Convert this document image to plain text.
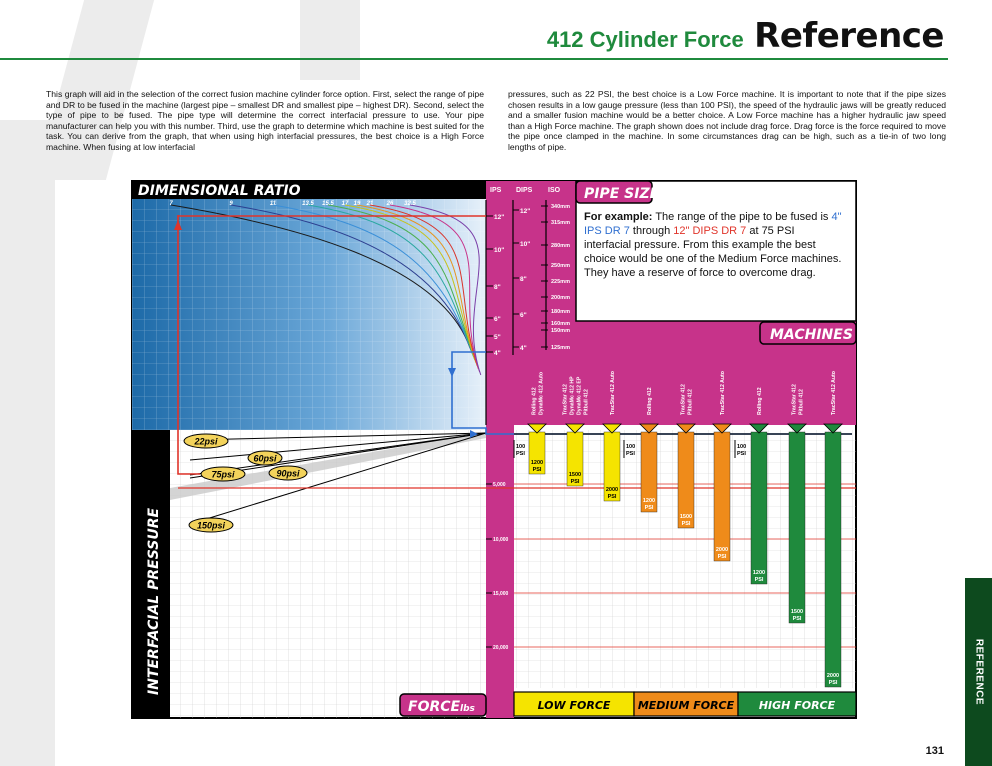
412 Cylinder Force Reference
This graph will aid in the selection of the correct fusion machine cylinder force option. First, select the range of pipe and DR to be fused in the machine (largest pipe – smallest DR and smallest pipe – highest DR). Second, select the type of pipe to be fused. The pipe type will determine the correct interfacial pressure to use. Your pipe manufacturer can help you with this number. Third, use the graph to determine which machine is best suited for the task. You can derive from the graph, that when using high interfacial pressures, the best choice is a High Force machine. When fusing at low interfacial
pressures, such as 22 PSI, the best choice is a Low Force machine. It is important to note that if the pipe sizes chosen results in a low gauge pressure (less than 100 PSI), the speed of the hydraulic jaws will be greatly reduced and a smaller fusion machine would be a better choice. A Low Force machine has a higher hydraulic jaw speed than a High Force machine. The graph shown does not include drag force. Drag force is the force required to move the pipe once clamped in the machine. In some circumstances drag can be high, such as a tie-in of two long lengths of pipe.
DIMENSIONAL RATIO
7	9	11	13.5 15.5 17 19 21 26 32.5
PIPE SIZE
IPS DIPS ISO
12"
10"
8"
6"
5"
4"
12"
10"
8"
6"
4"
340mm
315mm
280mm
250mm
225mm
200mm
180mm
160mm
150mm
125mm
MACHINES
Rolling 412 DynaMc 412 Auto	TracStar 412 DynaMc 412 HP DynaMc 412 EP Pitbull 412	TracStar 412 Auto	Rolling 412	TracStar 412 Pitbull 412	TracStar 412 Auto	Rolling 412	TracStar 412 Pitbull 412	TracStar 412 Auto
INTERFACIAL PRESSURE
5,000
10,000
15,000
20,000
FORCE lbs
22psi
60psi
75psi	90psi
150psi
1200
PSI
1500
PSI
2000
PSI
1200
PSI
1500
PSI
2000
PSI
1200
PSI
1500
PSI
2000
PSI
100
PSI
100
PSI
100
PSI
LOW FORCE MEDIUM FORCE HIGH FORCE
For example: The range of the pipe to be fused is 4" IPS DR 7 through 12" DIPS DR 7 at 75 PSI interfacial pressure. From this example the best choice would be one of the Medium Force machines. They have a reserve of force to overcome drag.
REFERENCE
131
